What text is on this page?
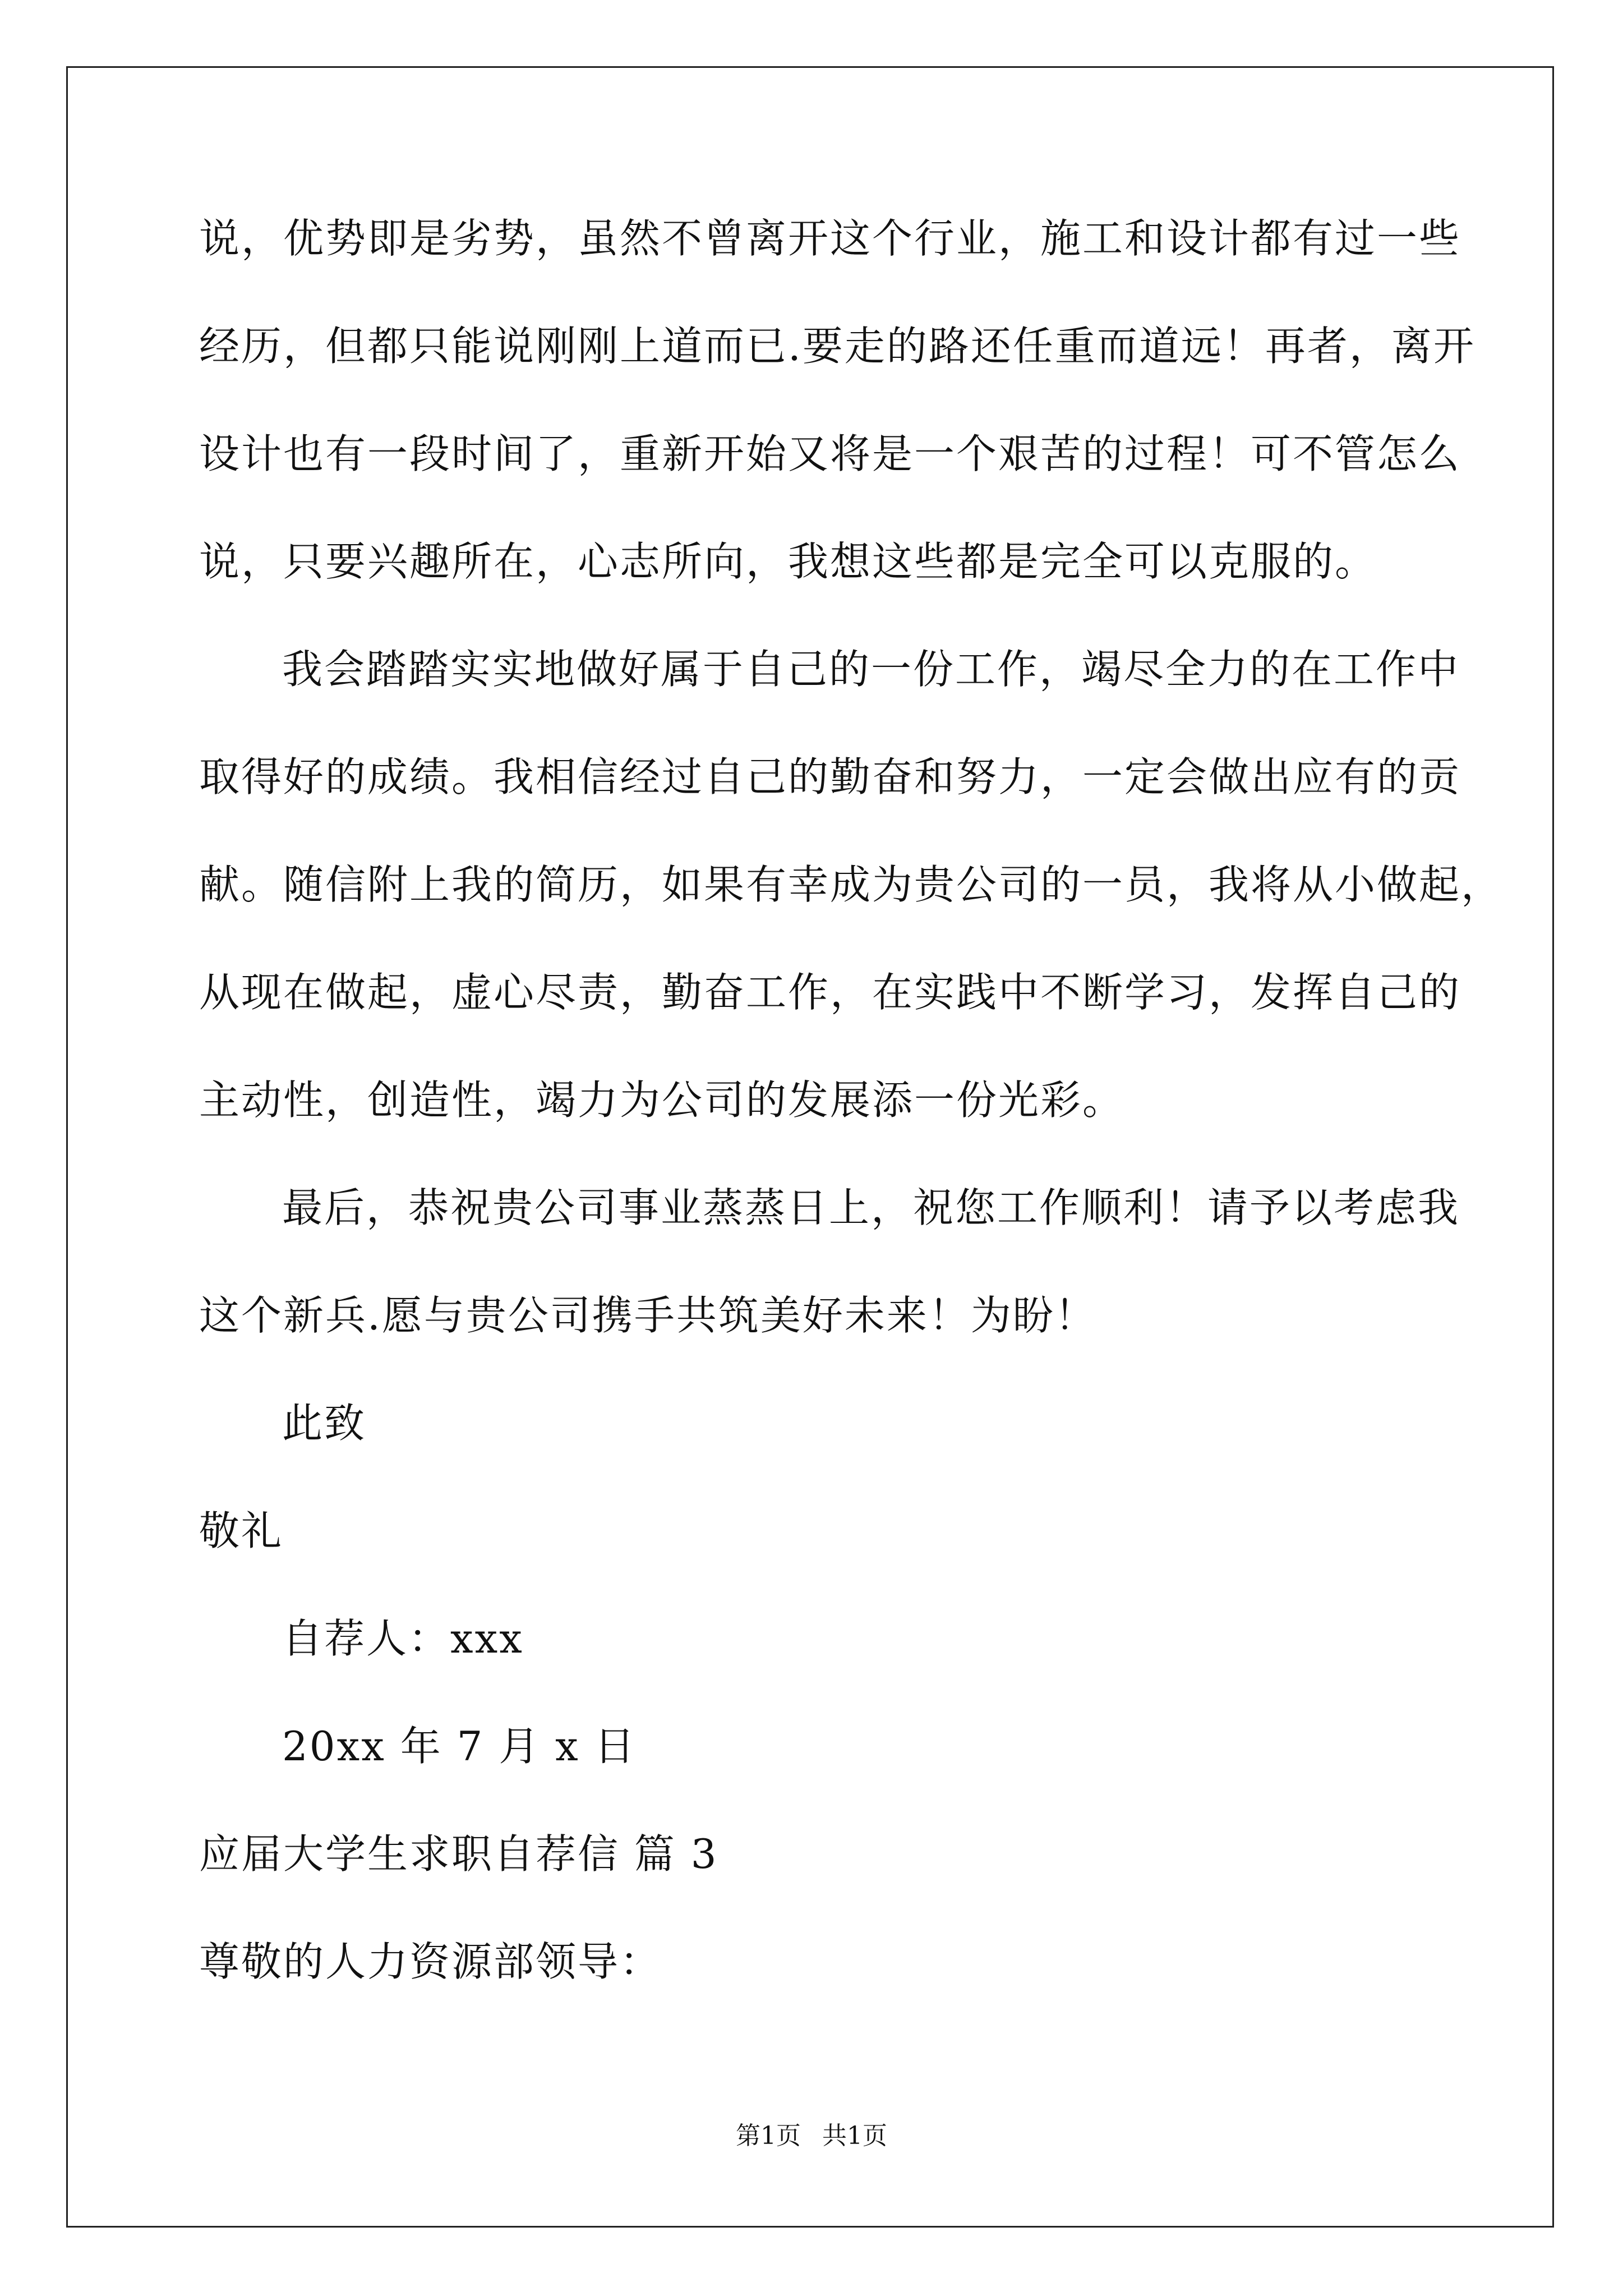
说，优势即是劣势，虽然不曾离开这个行业，施工和设计都有过一些
经历，但都只能说刚刚上道而已.要走的路还任重而道远！再者，离开
设计也有一段时间了，重新开始又将是一个艰苦的过程！可不管怎么
说，只要兴趣所在，心志所向，我想这些都是完全可以克服的。
我会踏踏实实地做好属于自己的一份工作，竭尽全力的在工作中
取得好的成绩。我相信经过自己的勤奋和努力，一定会做出应有的贡
献。随信附上我的简历，如果有幸成为贵公司的一员，我将从小做起，
从现在做起，虚心尽责，勤奋工作，在实践中不断学习，发挥自己的
主动性，创造性，竭力为公司的发展添一份光彩。
最后，恭祝贵公司事业蒸蒸日上，祝您工作顺利！请予以考虑我
这个新兵.愿与贵公司携手共筑美好未来！为盼！
此致
敬礼
自荐人：xxx
20xx 年 7 月 x 日
应届大学生求职自荐信 篇 3
尊敬的人力资源部领导：
第1页 共1页
